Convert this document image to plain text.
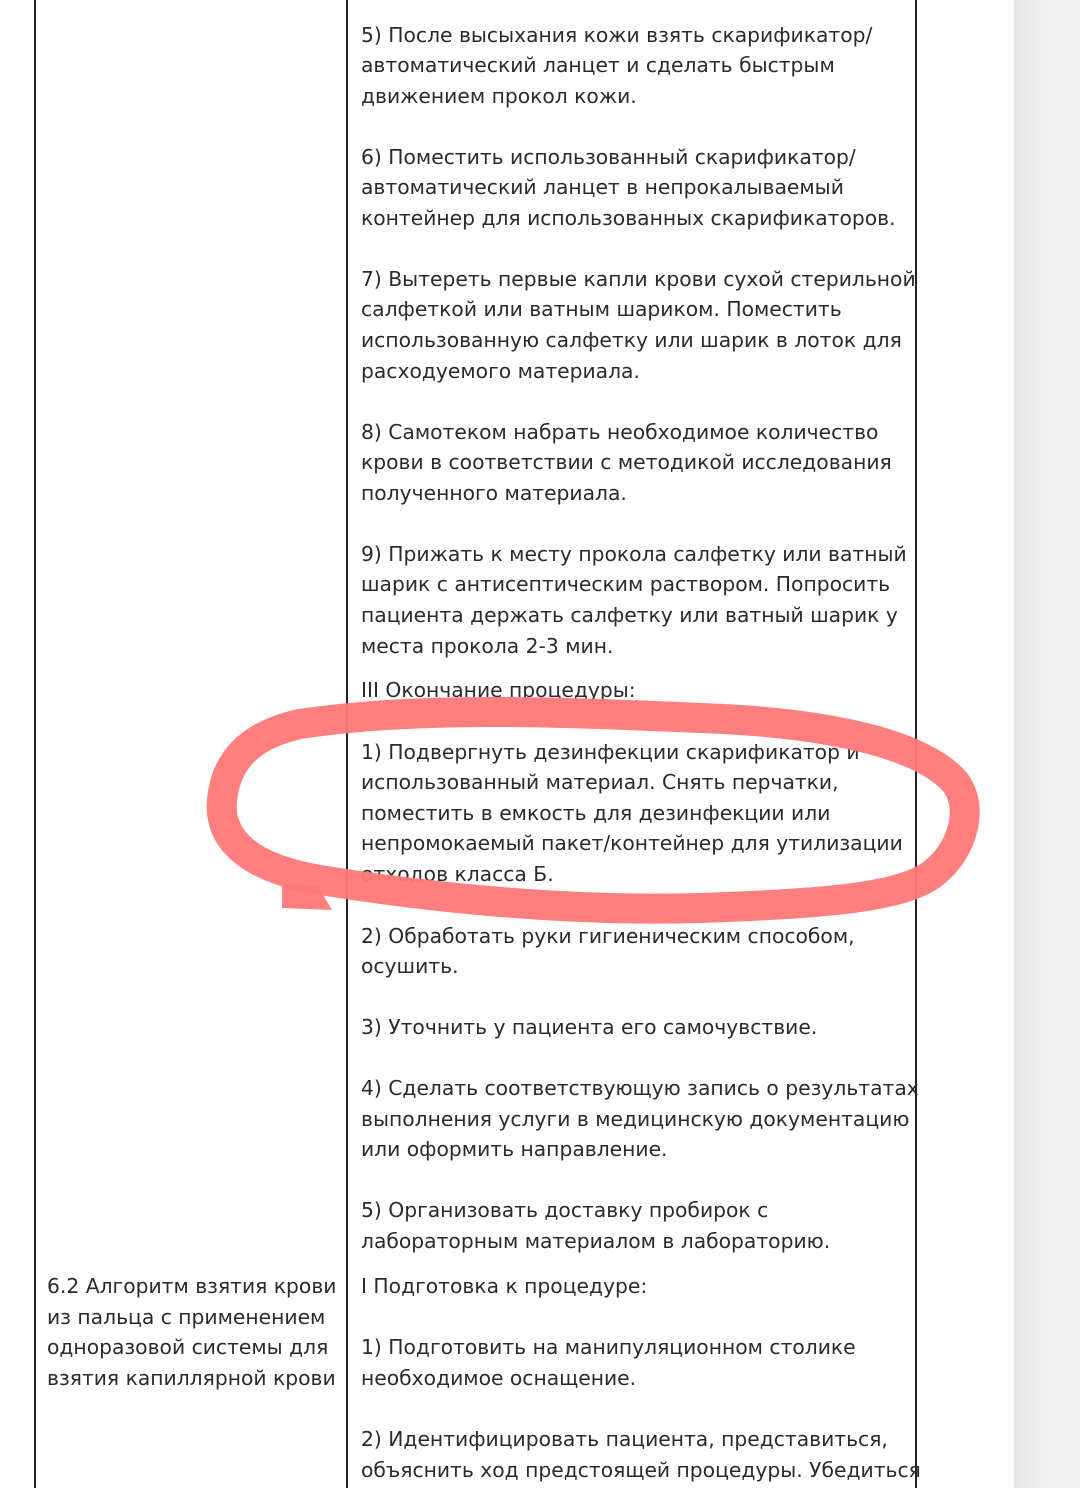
6.2 Алгоритм взятия крови
из пальца с применением
одноразовой системы для
взятия капиллярной крови
5) После высыхания кожи взять скарификатор/
автоматический ланцет и сделать быстрым
движением прокол кожи.
6) Поместить использованный скарификатор/
автоматический ланцет в непрокалываемый
контейнер для использованных скарификаторов.
7) Вытереть первые капли крови сухой стерильной
салфеткой или ватным шариком. Поместить
использованную салфетку или шарик в лоток для
расходуемого материала.
8) Самотеком набрать необходимое количество
крови в соответствии с методикой исследования
полученного материала.
9) Прижать к месту прокола салфетку или ватный
шарик с антисептическим раствором. Попросить
пациента держать салфетку или ватный шарик у
места прокола 2-3 мин.
III Окончание процедуры:
1) Подвергнуть дезинфекции скарификатор и
использованный материал. Снять перчатки,
поместить в емкость для дезинфекции или
непромокаемый пакет/контейнер для утилизации
отходов класса Б.
2) Обработать руки гигиеническим способом,
осушить.
3) Уточнить у пациента его самочувствие.
4) Сделать соответствующую запись о результатах
выполнения услуги в медицинскую документацию
или оформить направление.
5) Организовать доставку пробирок с
лабораторным материалом в лабораторию.
I Подготовка к процедуре:
1) Подготовить на манипуляционном столике
необходимое оснащение.
2) Идентифицировать пациента, представиться,
объяснить ход предстоящей процедуры. Убедиться
